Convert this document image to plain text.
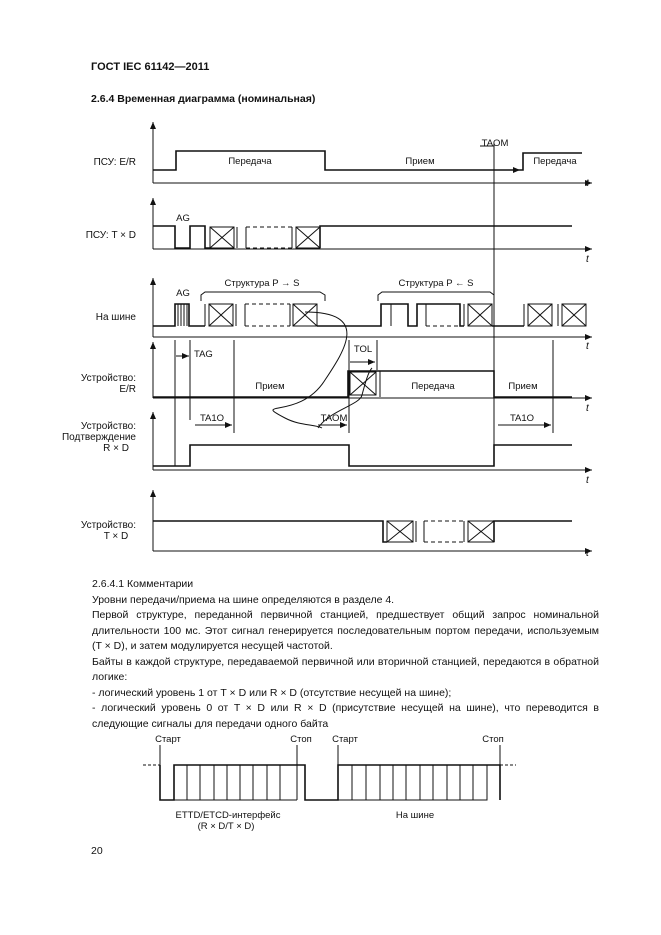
ГОСТ IEC 61142—2011
2.6.4 Временная диаграмма (номинальная)
ПСУ: E/R
ПСУ: T × D
На шине
Устройство:
E/R
Устройство:
Подтверждение
R × D
Устройство:
T × D
Передача	Прием
TAOM
Передача
AG
AG
Структура P → S	Структура P ← S
TAG	TOL
Прием	Передача	Прием
TA1O	TAOM	TA1O
t
t
t
t
t
t
Старт	Стоп Старт	Стоп
ЕТТD/ЕТСD-интерфейс
(R × D/T × D)
На шине

2.6.4.1 Комментарии

Уровни передачи/приема на шине определяются в разделе 4.

Первой структуре, переданной первичной станцией, предшествует общий запрос номинальной длительности 100 мс. Этот сигнал генерируется последовательным портом передачи, используемым (T × D), и затем модулируется несущей частотой.

Байты в каждой структуре, передаваемой первичной или вторичной станцией, передаются в обратной логике:

- логический уровень 1 от T × D или R × D (отсутствие несущей на шине);

- логический уровень 0 от T × D или R × D (присутствие несущей на шине), что переводится в следующие сигналы для передачи одного байта

20
